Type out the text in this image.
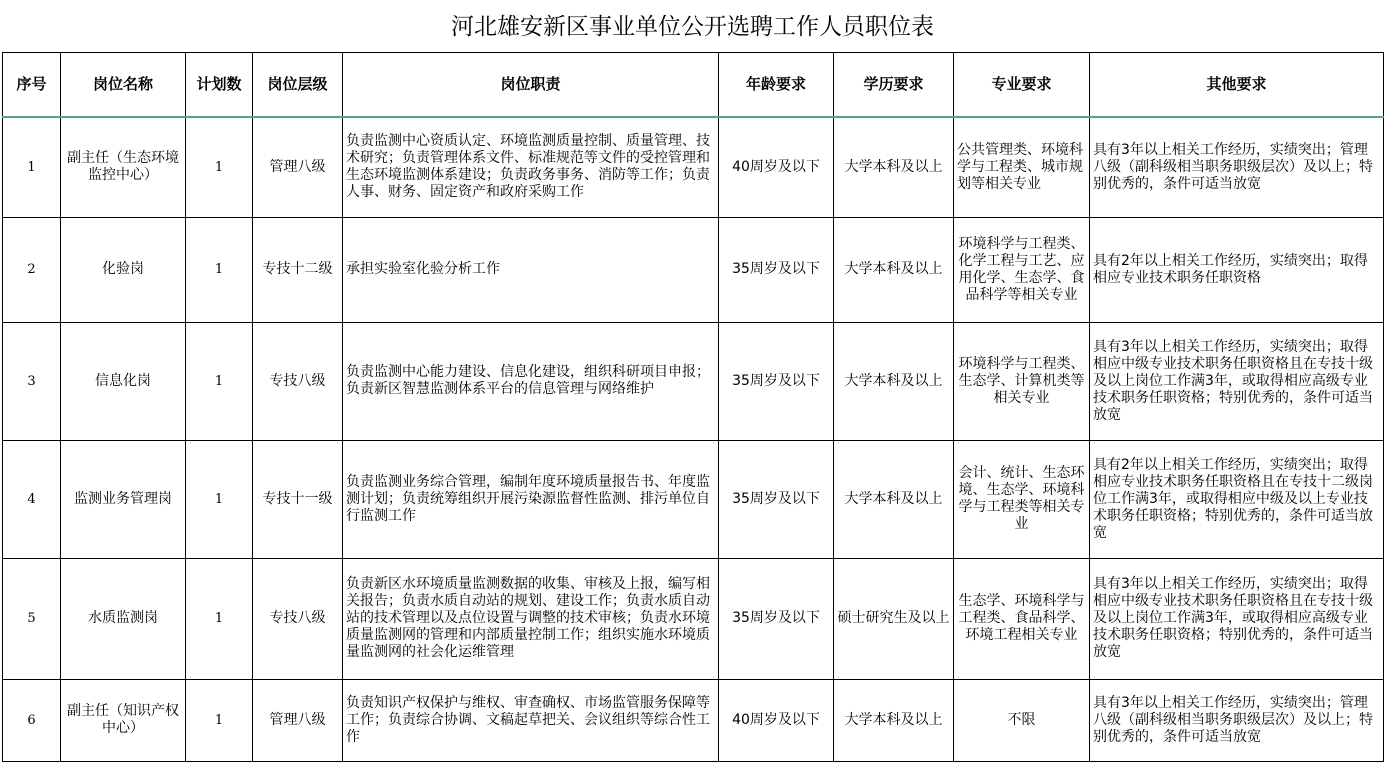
河北雄安新区事业单位公开选聘工作人员职位表
序号	岗位名称	计划数	岗位层级	岗位职责	年龄要求	学历要求	专业要求	其他要求
1	副主任（生态环境监控中心）	1	管理八级	负责监测中心资质认定、环境监测质量控制、质量管理、技术研究；负责管理体系文件、标准规范等文件的受控管理和生态环境监测体系建设；负责政务事务、消防等工作；负责人事、财务、固定资产和政府采购工作	40周岁及以下	大学本科及以上	公共管理类、环境科学与工程类、城市规划等相关专业	具有3年以上相关工作经历，实绩突出；管理八级（副科级相当职务职级层次）及以上；特别优秀的，条件可适当放宽
2	化验岗	1	专技十二级	承担实验室化验分析工作	35周岁及以下	大学本科及以上	环境科学与工程类、化学工程与工艺、应用化学、生态学、食品科学等相关专业	具有2年以上相关工作经历，实绩突出；取得相应专业技术职务任职资格
3	信息化岗	1	专技八级	负责监测中心能力建设、信息化建设，组织科研项目申报；负责新区智慧监测体系平台的信息管理与网络维护	35周岁及以下	大学本科及以上	环境科学与工程类、生态学、计算机类等相关专业	具有3年以上相关工作经历，实绩突出；取得相应中级专业技术职务任职资格且在专技十级及以上岗位工作满3年，或取得相应高级专业技术职务任职资格；特别优秀的，条件可适当放宽
4	监测业务管理岗	1	专技十一级	负责监测业务综合管理，编制年度环境质量报告书、年度监测计划；负责统筹组织开展污染源监督性监测、排污单位自行监测工作	35周岁及以下	大学本科及以上	会计、统计、生态环境、生态学、环境科学与工程类等相关专业	具有2年以上相关工作经历，实绩突出；取得相应专业技术职务任职资格且在专技十二级岗位工作满3年，或取得相应中级及以上专业技术职务任职资格；特别优秀的，条件可适当放宽
5	水质监测岗	1	专技八级	负责新区水环境质量监测数据的收集、审核及上报，编写相关报告；负责水质自动站的规划、建设工作；负责水质自动站的技术管理以及点位设置与调整的技术审核；负责水环境质量监测网的管理和内部质量控制工作；组织实施水环境质量监测网的社会化运维管理	35周岁及以下	硕士研究生及以上	生态学、环境科学与工程类、食品科学、环境工程相关专业	具有3年以上相关工作经历，实绩突出；取得相应中级专业技术职务任职资格且在专技十级及以上岗位工作满3年，或取得相应高级专业技术职务任职资格；特别优秀的，条件可适当放宽
6	副主任（知识产权中心）	1	管理八级	负责知识产权保护与维权、审查确权、市场监管服务保障等工作；负责综合协调、文稿起草把关、会议组织等综合性工作	40周岁及以下	大学本科及以上	不限	具有3年以上相关工作经历，实绩突出；管理八级（副科级相当职务职级层次）及以上；特别优秀的，条件可适当放宽
